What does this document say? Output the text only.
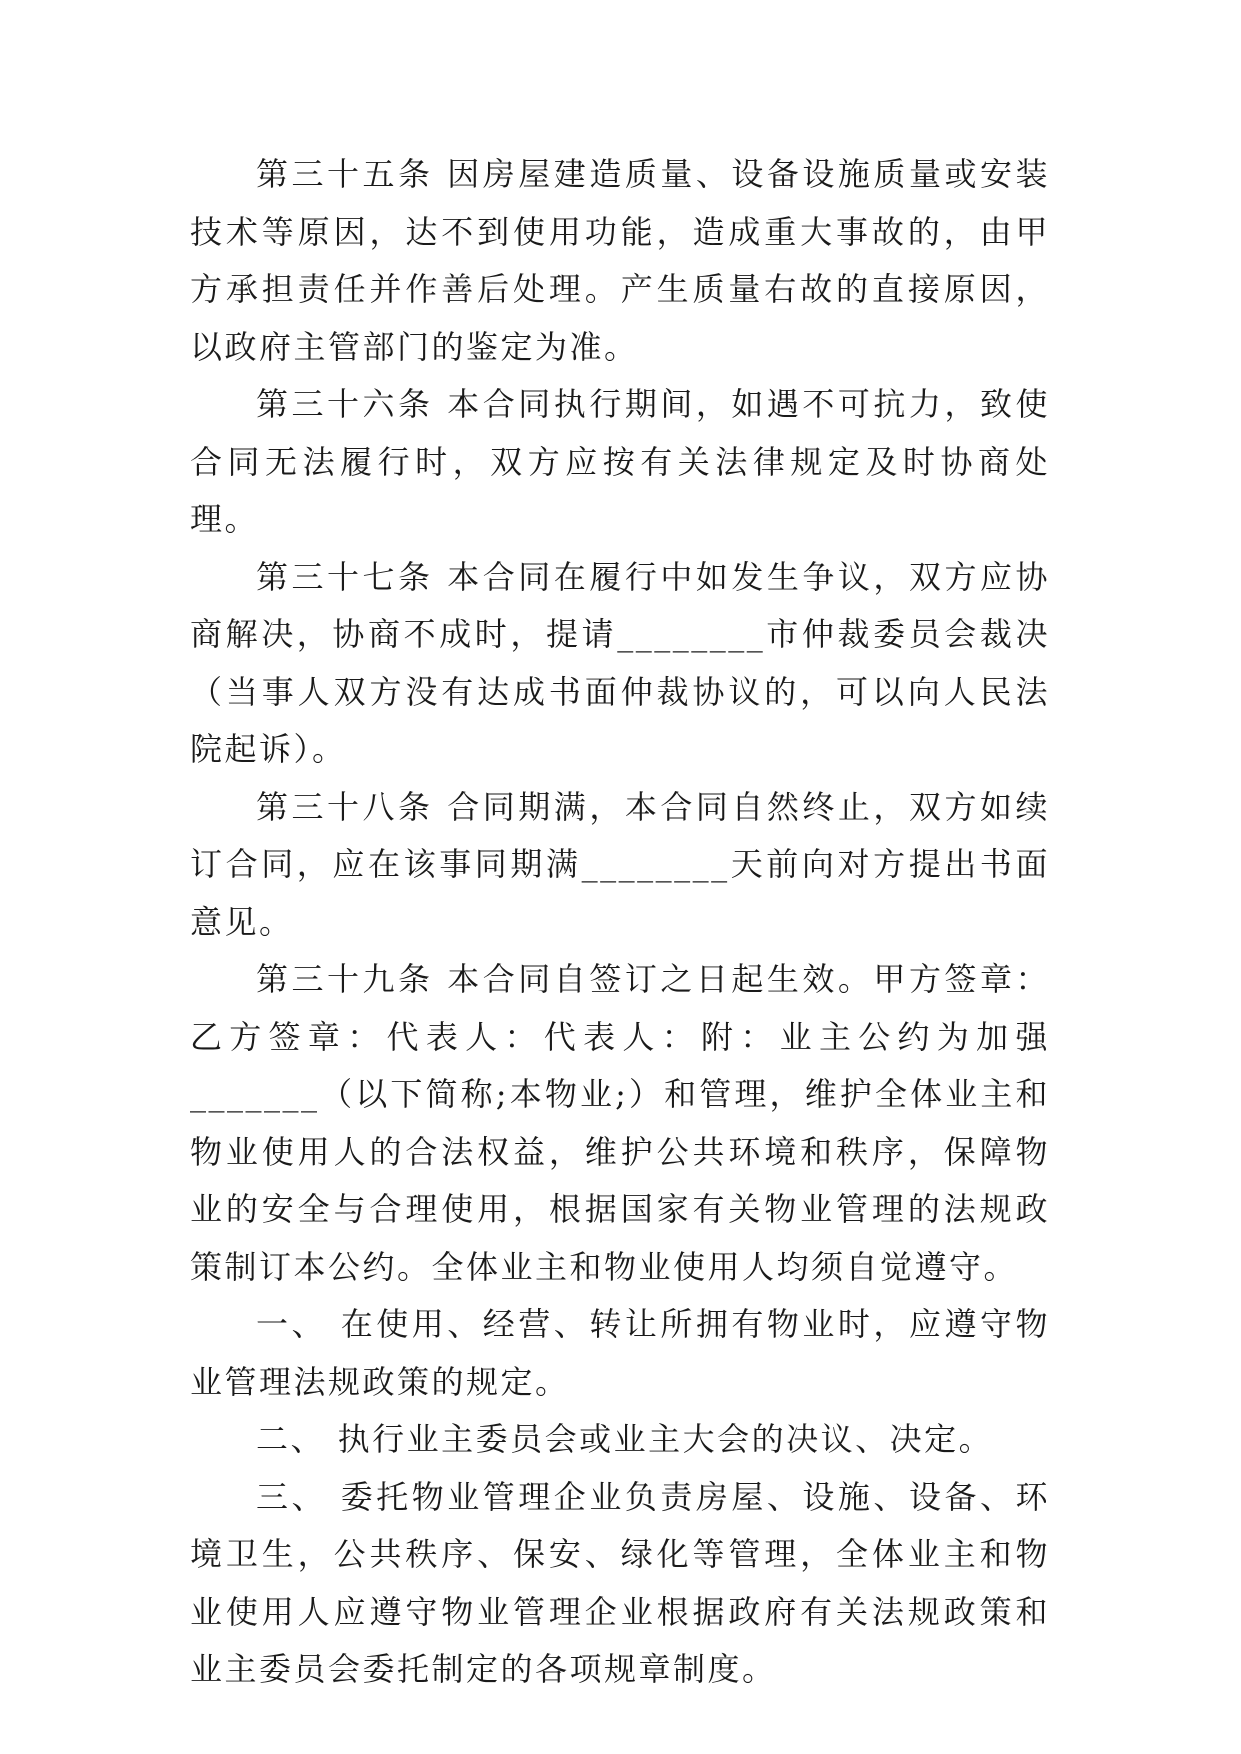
第三十五条 因房屋建造质量、设备设施质量或安装技术等原因，达不到使用功能，造成重大事故的，由甲方承担责任并作善后处理。产生质量右故的直接原因，以政府主管部门的鉴定为准。

第三十六条 本合同执行期间，如遇不可抗力，致使合同无法履行时，双方应按有关法律规定及时协商处理。

第三十七条 本合同在履行中如发生争议，双方应协商解决，协商不成时，提请________市仲裁委员会裁决（当事人双方没有达成书面仲裁协议的，可以向人民法院起诉）。

第三十八条 合同期满，本合同自然终止，双方如续订合同，应在该事同期满________天前向对方提出书面意见。

第三十九条 本合同自签订之日起生效。甲方签章：乙方签章：代表人：代表人：附：业主公约为加强_______（以下简称;本物业;）和管理，维护全体业主和物业使用人的合法权益，维护公共环境和秩序，保障物业的安全与合理使用，根据国家有关物业管理的法规政策制订本公约。全体业主和物业使用人均须自觉遵守。

一、 在使用、经营、转让所拥有物业时，应遵守物业管理法规政策的规定。

二、 执行业主委员会或业主大会的决议、决定。

三、 委托物业管理企业负责房屋、设施、设备、环境卫生，公共秩序、保安、绿化等管理，全体业主和物业使用人应遵守物业管理企业根据政府有关法规政策和业主委员会委托制定的各项规章制度。
